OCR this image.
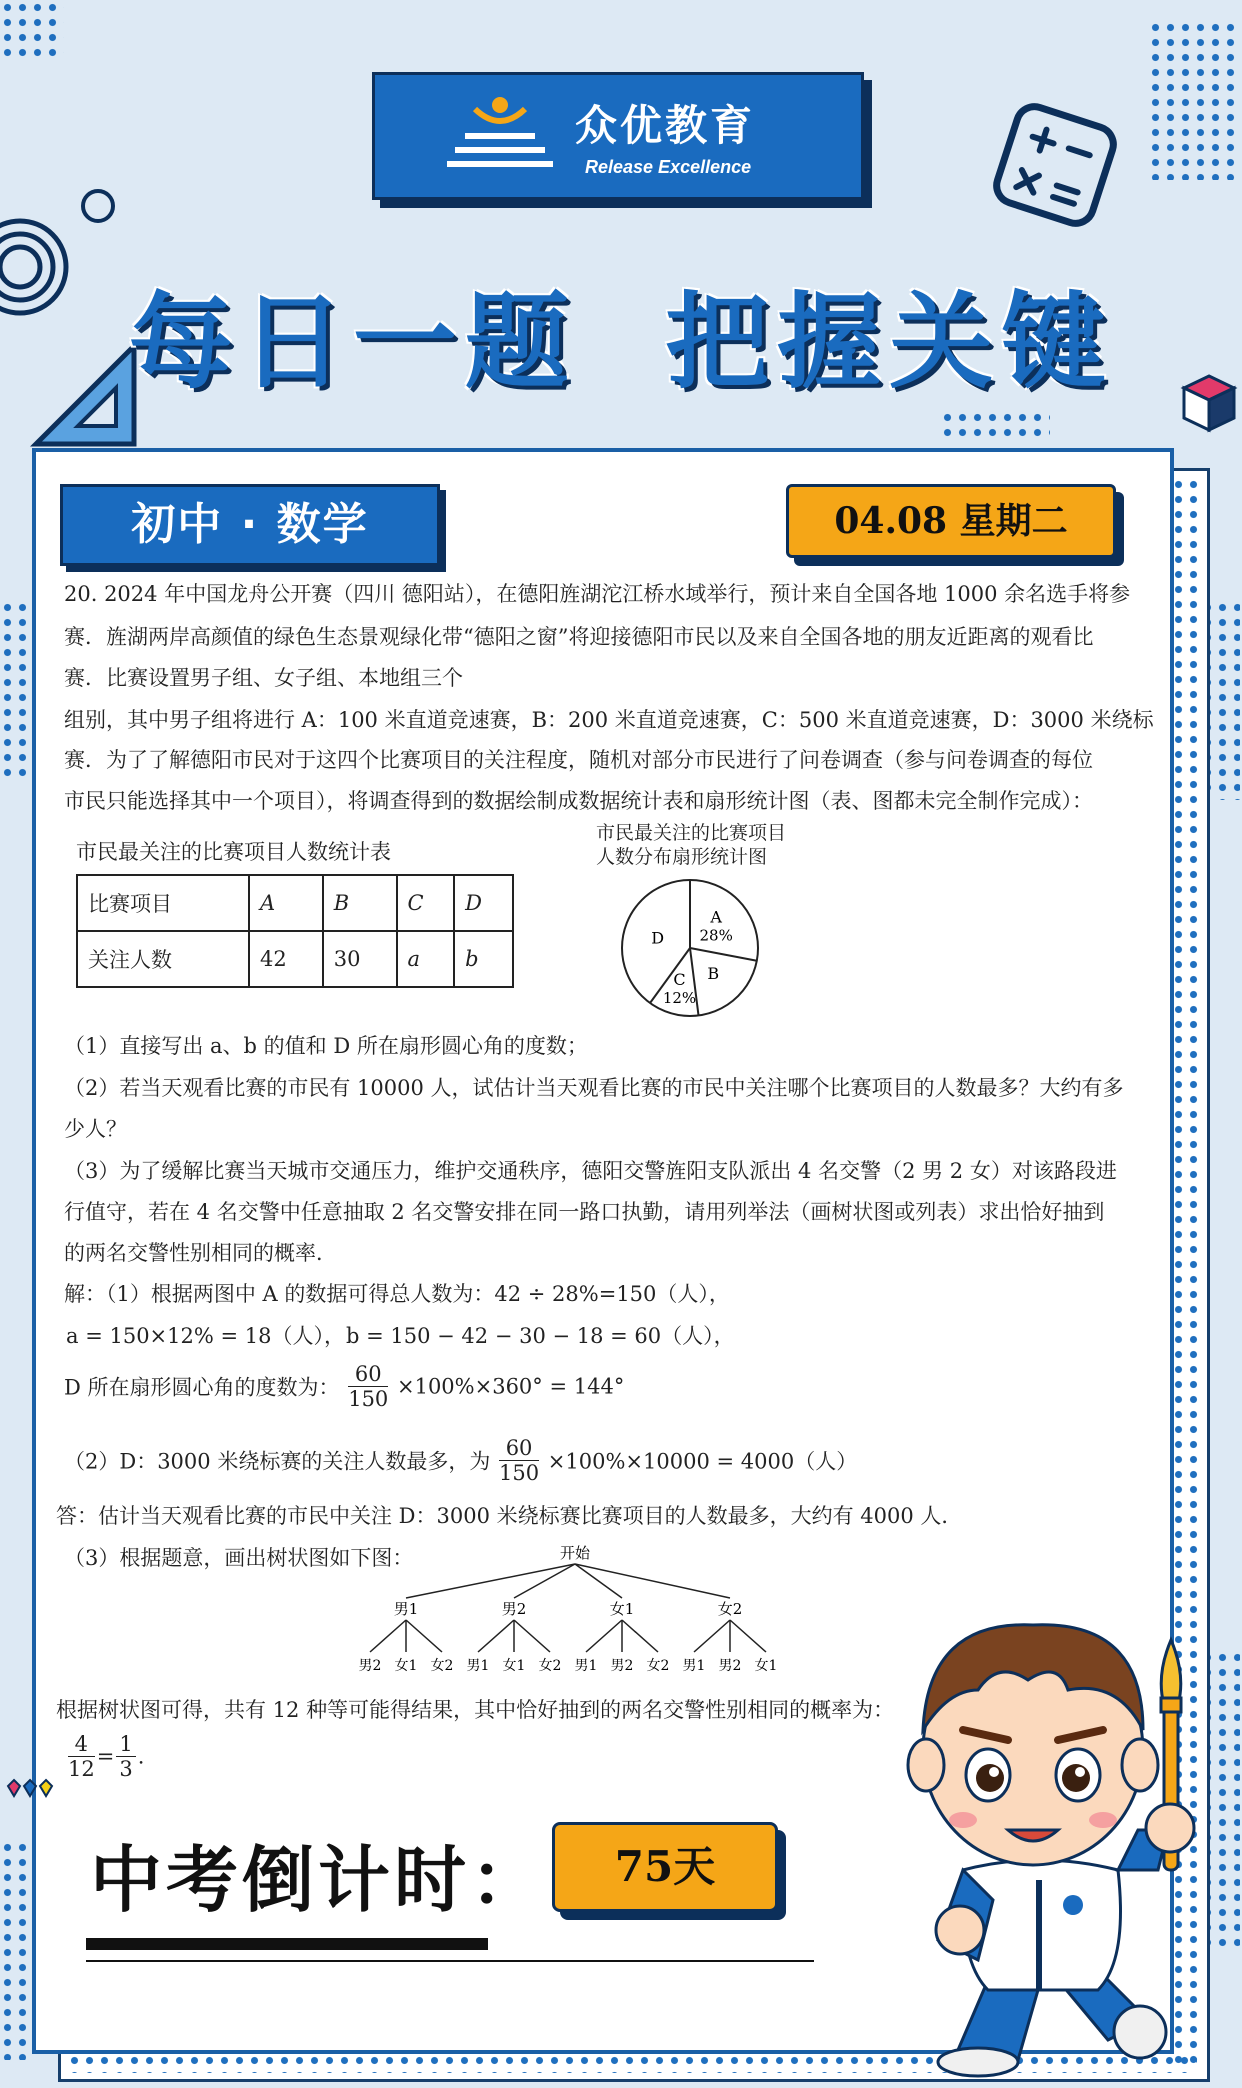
众优教育
Release Excellence
每日一题  把握关键
初中 · 数学	04.08 星期二
20. 2024 年中国龙舟公开赛（四川 德阳站），在德阳旌湖沱江桥水域举行，预计来自全国各地 1000 余名选手将参
赛．旌湖两岸高颜值的绿色生态景观绿化带“德阳之窗”将迎接德阳市民以及来自全国各地的朋友近距离的观看比
赛．比赛设置男子组、女子组、本地组三个
组别，其中男子组将进行 A：100 米直道竞速赛，B：200 米直道竞速赛，C：500 米直道竞速赛，D：3000 米绕标
赛．为了了解德阳市民对于这四个比赛项目的关注程度，随机对部分市民进行了问卷调查（参与问卷调查的每位
市民只能选择其中一个项目），将调查得到的数据绘制成数据统计表和扇形统计图（表、图都未完全制作完成）：
市民最关注的比赛项目人数统计表
比赛项目	A	B	C	D
关注人数	42	30	a	b
市民最关注的比赛项目
人数分布扇形统计图
A
28%
B
C
12%
D
（1）直接写出 a、b 的值和 D 所在扇形圆心角的度数；
（2）若当天观看比赛的市民有 10000 人，试估计当天观看比赛的市民中关注哪个比赛项目的人数最多？大约有多
少人？
（3）为了缓解比赛当天城市交通压力，维护交通秩序，德阳交警旌阳支队派出 4 名交警（2 男 2 女）对该路段进
行值守，若在 4 名交警中任意抽取 2 名交警安排在同一路口执勤，请用列举法（画树状图或列表）求出恰好抽到
的两名交警性别相同的概率．
解：（1）根据两图中 A 的数据可得总人数为：42 ÷ 28%=150（人），
a = 150×12% = 18（人）， b = 150 − 42 − 30 − 18 = 60（人），
D 所在扇形圆心角的度数为： $\frac{60}{150} \times 100\%\times 360^\circ = 144^\circ$
（2）D：3000 米绕标赛的关注人数最多，为 $\frac{60}{150} \times 100\%\times 10000 = 4000$（人）
答：估计当天观看比赛的市民中关注 D：3000 米绕标赛比赛项目的人数最多，大约有 4000 人．
（3）根据题意，画出树状图如下图：	开始
男1
男2 女1 女2
男2
男1 女1 女2
女1
男1 男2 女2
女2
男1 男2 女1
根据树状图可得，共有 12 种等可能得结果，其中恰好抽到的两名交警性别相同的概率为：
$\frac{4}{12} = \frac{1}{3}$ .
中考倒计时：	75天
